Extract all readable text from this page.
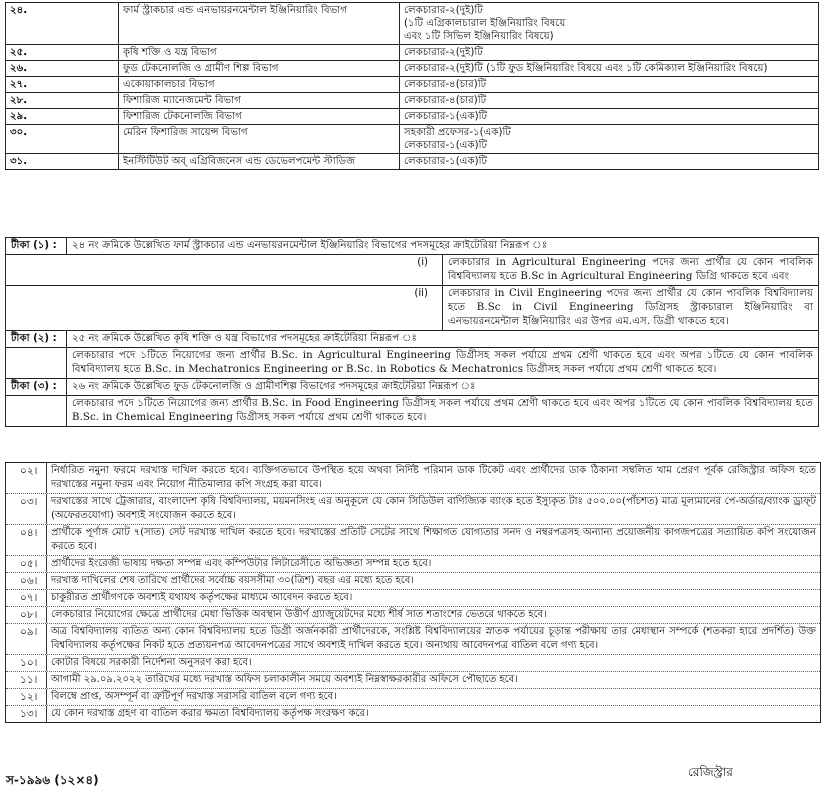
২৪.	ফার্ম স্ট্রাকচার এন্ড এনভায়রনমেন্টাল ইঞ্জিনিয়ারিং বিভাগ	লেকচারার-২(দুই)টি
(১টি এগ্রিকালচারাল ইঞ্জিনিয়ারিং বিষয়ে
এবং ১টি সিভিল ইঞ্জিনিয়ারিং বিষয়ে)
২৫.	কৃষি শক্তি ও যন্ত্র বিভাগ	লেকচারার-২(দুই)টি
২৬.	ফুড টেকনোলজি ও গ্রামীণ শিল্প বিভাগ	লেকচারার-২(দুই)টি (১টি ফুড ইঞ্জিনিয়ারিং বিষয়ে এবং ১টি কেমিক্যাল ইঞ্জিনিয়ারিং বিষয়ে)
২৭.	একোয়াকালচার বিভাগ	লেকচারার-৪(চার)টি
২৮.	ফিশারিজ ম্যানেজমেন্ট বিভাগ	লেকচারার-৪(চার)টি
২৯.	ফিশারিজ টেকনোলজি বিভাগ	লেকচারার-১(এক)টি
৩০.	মেরিন ফিশারিজ সায়েন্স বিভাগ	সহকারী প্রফেসর-১(এক)টি
লেকচারার-১(এক)টি
৩১.	ইনস্টিটিউট অব্‌ এগ্রিবিজনেস এন্ড ডেভেলপমেন্ট স্টাডিজ	লেকচারার-১(এক)টি
টীকা (১) :	২৪ নং ক্রমিকে উল্লেখিত ফার্ম স্ট্রাকচার এন্ড এনভায়রনমেন্টাল ইঞ্জিনিয়ারিং বিভাগের পদসমূহের ক্রাইটেরিয়া নিম্নরূপ ঃ	
(i)		লেকচারার in Agricultural Engineering পদের জন্য প্রার্থীর যে কোন পাবলিক বিশ্ববিদ্যালয় হতে B.Sc in Agricultural Engineering ডিগ্রি থাকতে হবে এবং
(ii)		লেকচারার in Civil Engineering পদের জন্য প্রার্থীর যে কোন পাবলিক বিশ্ববিদ্যালয় হতে B.Sc in Civil Engineering ডিগ্রিসহ স্ট্রাকচারাল ইঞ্জিনিয়ারিং বা এনভায়রনমেন্টাল ইঞ্জিনিয়ারিং এর উপর এম.এস. ডিগ্রী থাকতে হবে।
টীকা (২) :	২৫ নং ক্রমিকে উল্লেখিত কৃষি শক্তি ও যন্ত্র বিভাগের পদসমূহের ক্রাইটেরিয়া নিম্নরূপ ঃ	
	লেকচারার পদে ১টিতে নিয়োগের জন্য প্রার্থীর B.Sc. in Agricultural Engineering ডিগ্রীসহ সকল পর্যায়ে প্রথম শ্রেণী থাকতে হবে এবং অপর ১টিতে যে কোন পাবলিক বিশ্ববিদ্যালয় হতে B.Sc. in Mechatronics Engineering or B.Sc. in Robotics & Mechatronics ডিগ্রীসহ সকল পর্যায়ে প্রথম শ্রেণী থাকতে হবে।	
টীকা (৩) :	২৬ নং ক্রমিকে উল্লেখিত ফুড টেকনোলজি ও গ্রামীণশিল্প বিভাগের পদসমূহের ক্রাইটেরিয়া নিম্নরূপ ঃ	
	লেকচারার পদে ১টিতে নিয়োগের জন্য প্রার্থীর B.Sc. in Food Engineering ডিগ্রীসহ সকল পর্যায়ে প্রথম শ্রেণী থাকতে হবে এবং অপর ১টিতে যে কোন পাবলিক বিশ্ববিদ্যালয় হতে B.Sc. in Chemical Engineering ডিগ্রীসহ সকল পর্যায়ে প্রথম শ্রেণী থাকতে হবে।	
০২।	নির্ধারিত নমুনা ফরমে দরখাস্ত দাখিল করতে হবে। ব্যক্তিগতভাবে উপস্থিত হয়ে অথবা নির্দিষ্ট পরিমান ডাক টিকেট এবং প্রার্থীদের ডাক ঠিকানা সম্বলিত খাম প্রেরণ পূর্বক রেজিস্ট্রার অফিস হতে দরখাস্তের নমুনা ফরম এবং নিয়োগ নীতিমালার কপি সংগ্রহ করা যাবে।
০৩।	দরখাস্তের সাথে ট্রেজারার, বাংলাদেশ কৃষি বিশ্ববিদ্যালয়, ময়মনসিংহ এর অনুকূলে যে কোন সিডিউল বাণিজ্যিক ব্যাংক হতে ইস্যুকৃত টাঃ ৫০০.০০(পাঁচশত) মাত্র মূল্যমানের পে-অর্ডার/ব্যাংক ড্রাফ্‌ট (অফেরতযোগ্য) অবশ্যই সংযোজন করতে হবে।
০৪।	প্রার্থীকে পূর্ণাঙ্গ মোট ৭(সাত) সেট দরখাস্ত দাখিল করতে হবে। দরখাস্তের প্রতিটি সেটের সাথে শিক্ষাগত যোগ্যতার সনদ ও নম্বরপত্রসহ অন্যান্য প্রয়োজনীয় কাগজপত্রের সত্যায়িত কপি সংযোজন করতে হবে।
০৫।	প্রার্থীদের ইংরেজী ভাষায় দক্ষতা সম্পন্ন এবং কম্পিউটার লিটারেসীতে অভিজ্ঞতা সম্পন্ন হতে হবে।
০৬।	দরখাস্ত দাখিলের শেষ তারিখে প্রার্থীদের সর্বোচ্চ বয়সসীমা ৩০(ত্রিশ) বছর এর মধ্যে হতে হবে।
০৭।	চাকুরীরত প্রার্থীগণকে অবশ্যই যথাযথ কর্তৃপক্ষের মাধ্যমে আবেদন করতে হবে।
০৮।	লেকচারার নিয়োগের ক্ষেত্রে প্রার্থীদের মেধা ভিত্তিক অবস্থান উত্তীর্ণ গ্র্যাজুয়েটদের মধ্যে শীর্ষ সাত শতাংশের ভেতরে থাকতে হবে।
০৯।	অত্র বিশ্ববিদ্যালয় ব্যতিত অন্য কোন বিশ্ববিদ্যালয় হতে ডিগ্রী অর্জনকারী প্রার্থীদেরকে, সংশ্লিষ্ট বিশ্ববিদ্যালয়ের স্নাতক পর্যায়ের চূড়ান্ত পরীক্ষায় তার মেধাস্থান সম্পর্কে (শতকরা হারে প্রদর্শিত) উক্ত বিশ্ববিদ্যালয় কর্তৃপক্ষের নিকট হতে প্রত্যয়নপত্র আবেদনপত্রের সাথে অবশ্যই দাখিল করতে হবে। অন্যথায় আবেদনপত্র বাতিল বলে গণ্য হবে।
১০।	কোটার বিষয়ে সরকারী নির্দেশনা অনুসরণ করা হবে।
১১।	আগামী ২৯.০৯.২০২২ তারিখের মধ্যে দরখাস্ত অফিস চলাকালীন সময়ে অবশ্যই নিম্নস্বাক্ষরকারীর অফিসে পৌছাতে হবে।
১২।	বিলম্বে প্রাপ্ত, অসম্পূর্ন বা ত্রুটিপূর্ণ দরখাস্ত সরাসরি বাতিল বলে গণ্য হবে।
১৩।	যে কোন দরখাস্ত গ্রহণ বা বাতিল করার ক্ষমতা বিশ্ববিদ্যালয় কর্তৃপক্ষ সংরক্ষণ করে।
স-১৯৯৬ (১২×৪)
রেজিস্ট্রার
